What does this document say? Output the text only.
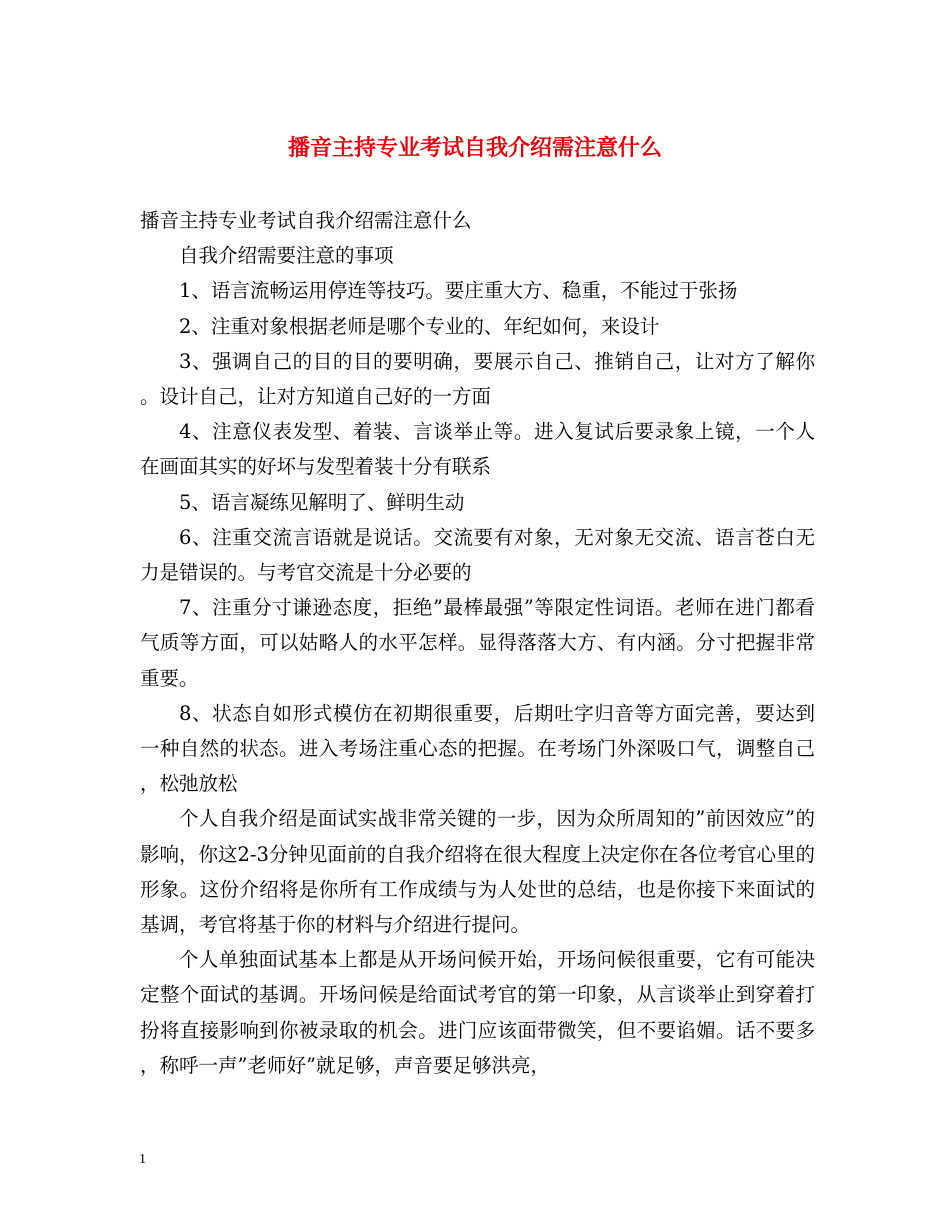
播音主持专业考试自我介绍需注意什么

播音主持专业考试自我介绍需注意什么

自我介绍需要注意的事项

1、语言流畅运用停连等技巧。要庄重大方、稳重，不能过于张扬

2、注重对象根据老师是哪个专业的、年纪如何，来设计

3、强调自己的目的目的要明确，要展示自己、推销自己，让对方了解你。设计自己，让对方知道自己好的一方面

4、注意仪表发型、着装、言谈举止等。进入复试后要录象上镜，一个人在画面其实的好坏与发型着装十分有联系

5、语言凝练见解明了、鲜明生动

6、注重交流言语就是说话。交流要有对象，无对象无交流、语言苍白无力是错误的。与考官交流是十分必要的

7、注重分寸谦逊态度，拒绝”最棒最强”等限定性词语。老师在进门都看气质等方面，可以姑略人的水平怎样。显得落落大方、有内涵。分寸把握非常重要。

8、状态自如形式模仿在初期很重要，后期吐字归音等方面完善，要达到一种自然的状态。进入考场注重心态的把握。在考场门外深吸口气，调整自己，松弛放松

个人自我介绍是面试实战非常关键的一步，因为众所周知的”前因效应”的影响，你这2-3分钟见面前的自我介绍将在很大程度上决定你在各位考官心里的形象。这份介绍将是你所有工作成绩与为人处世的总结，也是你接下来面试的基调，考官将基于你的材料与介绍进行提问。

个人单独面试基本上都是从开场问候开始，开场问候很重要，它有可能决定整个面试的基调。开场问候是给面试考官的第一印象，从言谈举止到穿着打扮将直接影响到你被录取的机会。进门应该面带微笑，但不要谄媚。话不要多，称呼一声”老师好”就足够，声音要足够洪亮，

1
